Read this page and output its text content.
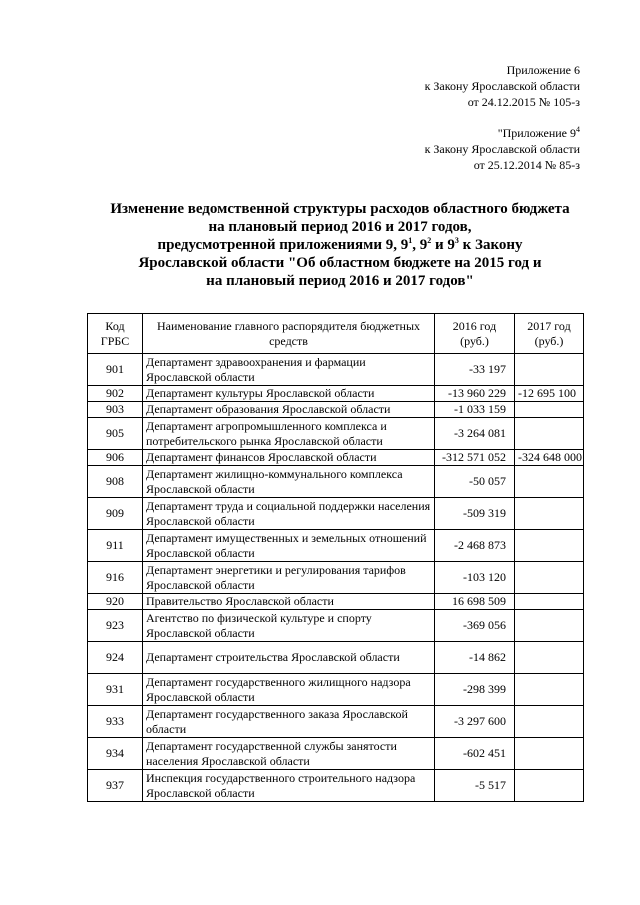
Приложение 6
к Закону Ярославской области
от 24.12.2015 № 105-з
"Приложение $9^4$
к Закону Ярославской области
от 25.12.2014 № 85-з
Изменение ведомственной структуры расходов областного бюджета
на плановый период 2016 и 2017 годов,
предусмотренной приложениями 9, $9^1$, $9^2$ и $9^3$ к Закону
Ярославской области "Об областном бюджете на 2015 год и
на плановый период 2016 и 2017 годов"
Код ГРБС	Наименование главного распорядителя бюджетных средств	2016 год (руб.)	2017 год (руб.)
901	Департамент здравоохранения и фармации Ярославской области	-33 197	
902	Департамент культуры Ярославской области	-13 960 229	-12 695 100
903	Департамент образования Ярославской области	-1 033 159	
905	Департамент агропромышленного комплекса и потребительского рынка Ярославской области	-3 264 081	
906	Департамент финансов Ярославской области	-312 571 052	-324 648 000
908	Департамент жилищно-коммунального комплекса Ярославской области	-50 057	
909	Департамент труда и социальной поддержки населения Ярославской области	-509 319	
911	Департамент имущественных и земельных отношений Ярославской области	-2 468 873	
916	Департамент энергетики и регулирования тарифов Ярославской области	-103 120	
920	Правительство Ярославской области	16 698 509	
923	Агентство по физической культуре и спорту Ярославской области	-369 056	
924	Департамент строительства Ярославской области	-14 862	
931	Департамент государственного жилищного надзора Ярославской области	-298 399	
933	Департамент государственного заказа Ярославской области	-3 297 600	
934	Департамент государственной службы занятости населения Ярославской области	-602 451	
937	Инспекция государственного строительного надзора Ярославской области	-5 517	
